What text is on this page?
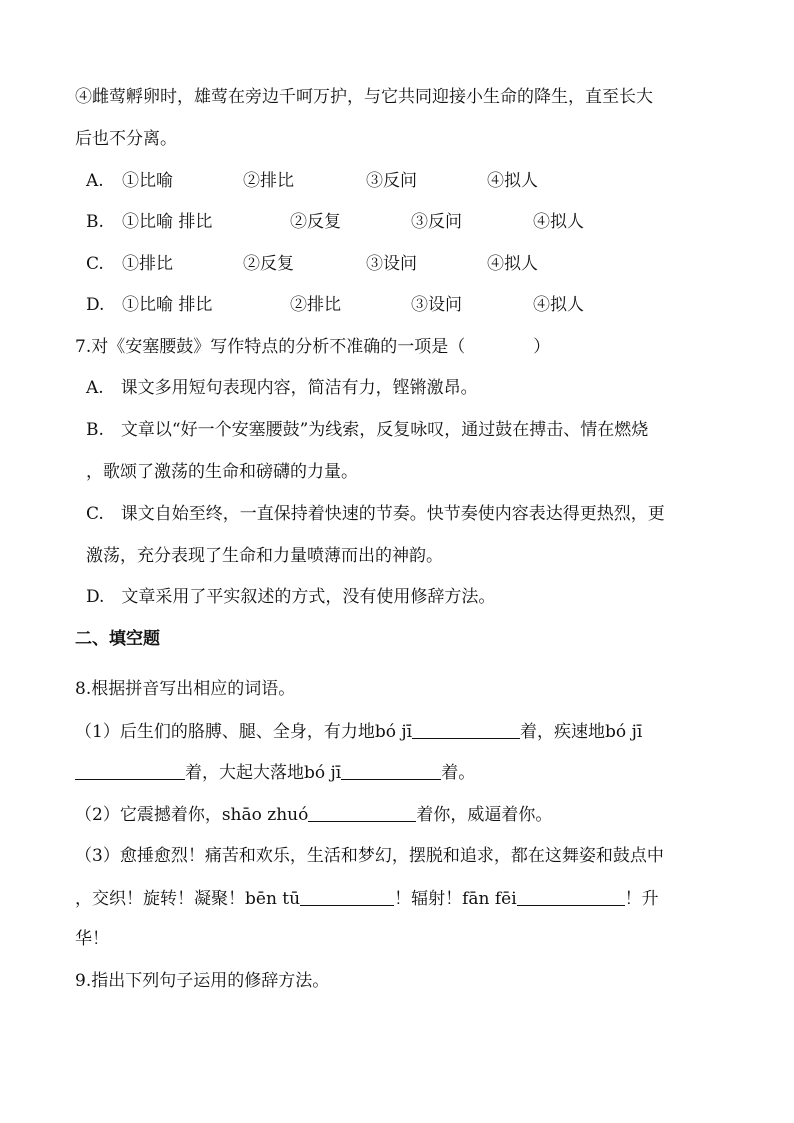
④雌莺孵卵时，雄莺在旁边千呵万护，与它共同迎接小生命的降生，直至长大
后也不分离。
A. ①比喻	②排比	③反问	④拟人
B. ①比喻 排比	②反复	③反问	④拟人
C. ①排比	②反复	③设问	④拟人
D. ①比喻 排比	②排比	③设问	④拟人
7.对《安塞腰鼓》写作特点的分析不准确的一项是（	）
A.　课文多用短句表现内容，简洁有力，铿锵激昂。
B.　文章以“好一个安塞腰鼓”为线索，反复咏叹，通过鼓在搏击、情在燃烧
，歌颂了激荡的生命和磅礴的力量。
C.　课文自始至终，一直保持着快速的节奏。快节奏使内容表达得更热烈，更
激荡，充分表现了生命和力量喷薄而出的神韵。
D.　文章采用了平实叙述的方式，没有使用修辞方法。
二、填空题
8.根据拼音写出相应的词语。
（1）后生们的胳膊、腿、全身，有力地bó jī	着，疾速地bó jī
着，大起大落地bó jī	着。
（2）它震撼着你，shāo zhuó	着你，威逼着你。
（3）愈捶愈烈！痛苦和欢乐，生活和梦幻，摆脱和追求，都在这舞姿和鼓点中
，交织！旋转！凝聚！bēn tū	！辐射！fān fēi	！升
华！
9.指出下列句子运用的修辞方法。
